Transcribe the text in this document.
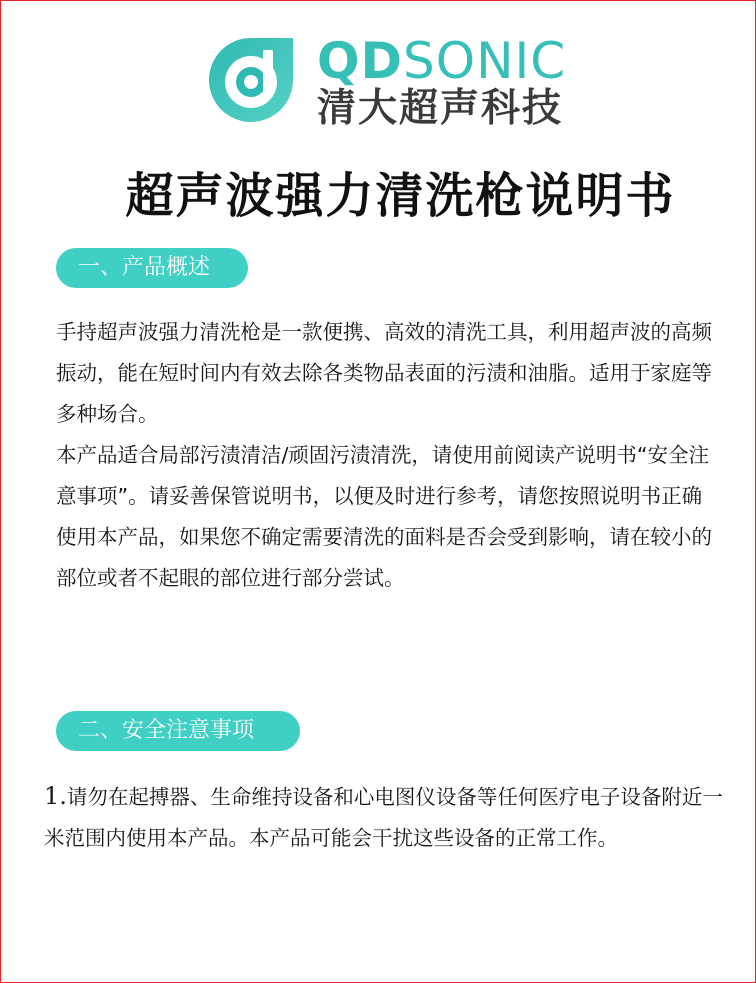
QDSONIC
清大超声科技
超声波强力清洗枪说明书
一、产品概述

手持超声波强力清洗枪是一款便携、高效的清洗工具，利用超声波的高频振动，能在短时间内有效去除各类物品表面的污渍和油脂。适用于家庭等多种场合。

本产品适合局部污渍清洁/顽固污渍清洗，请使用前阅读产说明书“安全注意事项”。请妥善保管说明书，以便及时进行参考，请您按照说明书正确使用本产品，如果您不确定需要清洗的面料是否会受到影响，请在较小的部位或者不起眼的部位进行部分尝试。

二、安全注意事项

1.请勿在起搏器、生命维持设备和心电图仪设备等任何医疗电子设备附近一米范围内使用本产品。本产品可能会干扰这些设备的正常工作。
